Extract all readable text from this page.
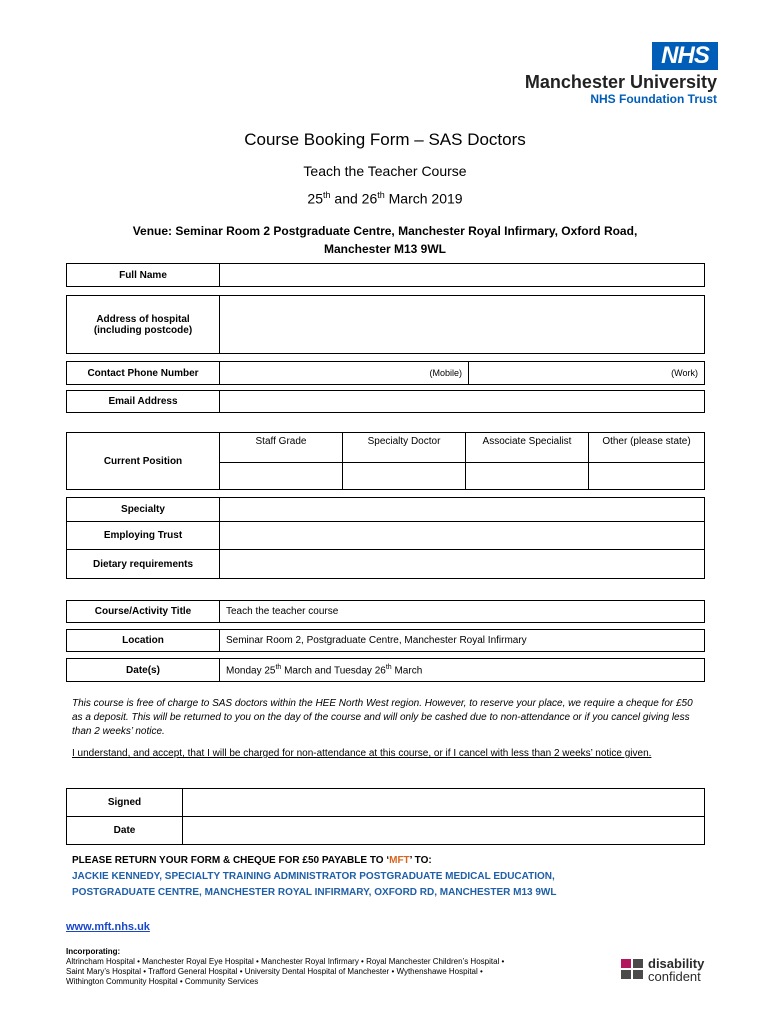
NHS
Manchester University
NHS Foundation Trust
Course Booking Form – SAS Doctors
Teach the Teacher Course
25th and 26th March 2019
Venue: Seminar Room 2 Postgraduate Centre, Manchester Royal Infirmary, Oxford Road,
Manchester M13 9WL
Full Name	
Address of hospital
(including postcode)

Contact Phone Number	(Mobile)	(Work)
Email Address	
Current Position	Staff Grade	Specialty Doctor	Associate Specialist	Other (please state)

Specialty	
Employing Trust	
Dietary requirements	
Course/Activity Title	Teach the teacher course
Location	Seminar Room 2, Postgraduate Centre, Manchester Royal Infirmary
Date(s)	Monday 25th March and Tuesday 26th March
This course is free of charge to SAS doctors within the HEE North West region. However, to reserve your place, we require a cheque for £50 as a deposit. This will be returned to you on the day of the course and will only be cashed due to non-attendance or if you cancel giving less than 2 weeks’ notice.
I understand, and accept, that I will be charged for non-attendance at this course, or if I cancel with less than 2 weeks’ notice given.
Signed	
Date	
PLEASE RETURN YOUR FORM & CHEQUE FOR £50 PAYABLE TO ‘MFT’ TO:
JACKIE KENNEDY, SPECIALTY TRAINING ADMINISTRATOR POSTGRADUATE MEDICAL EDUCATION,
POSTGRADUATE CENTRE, MANCHESTER ROYAL INFIRMARY, OXFORD RD, MANCHESTER M13 9WL
www.mft.nhs.uk
Incorporating:
Altrincham Hospital • Manchester Royal Eye Hospital • Manchester Royal Infirmary • Royal Manchester Children’s Hospital •
Saint Mary’s Hospital • Trafford General Hospital • University Dental Hospital of Manchester • Wythenshawe Hospital •
Withington Community Hospital • Community Services
disability
confident
